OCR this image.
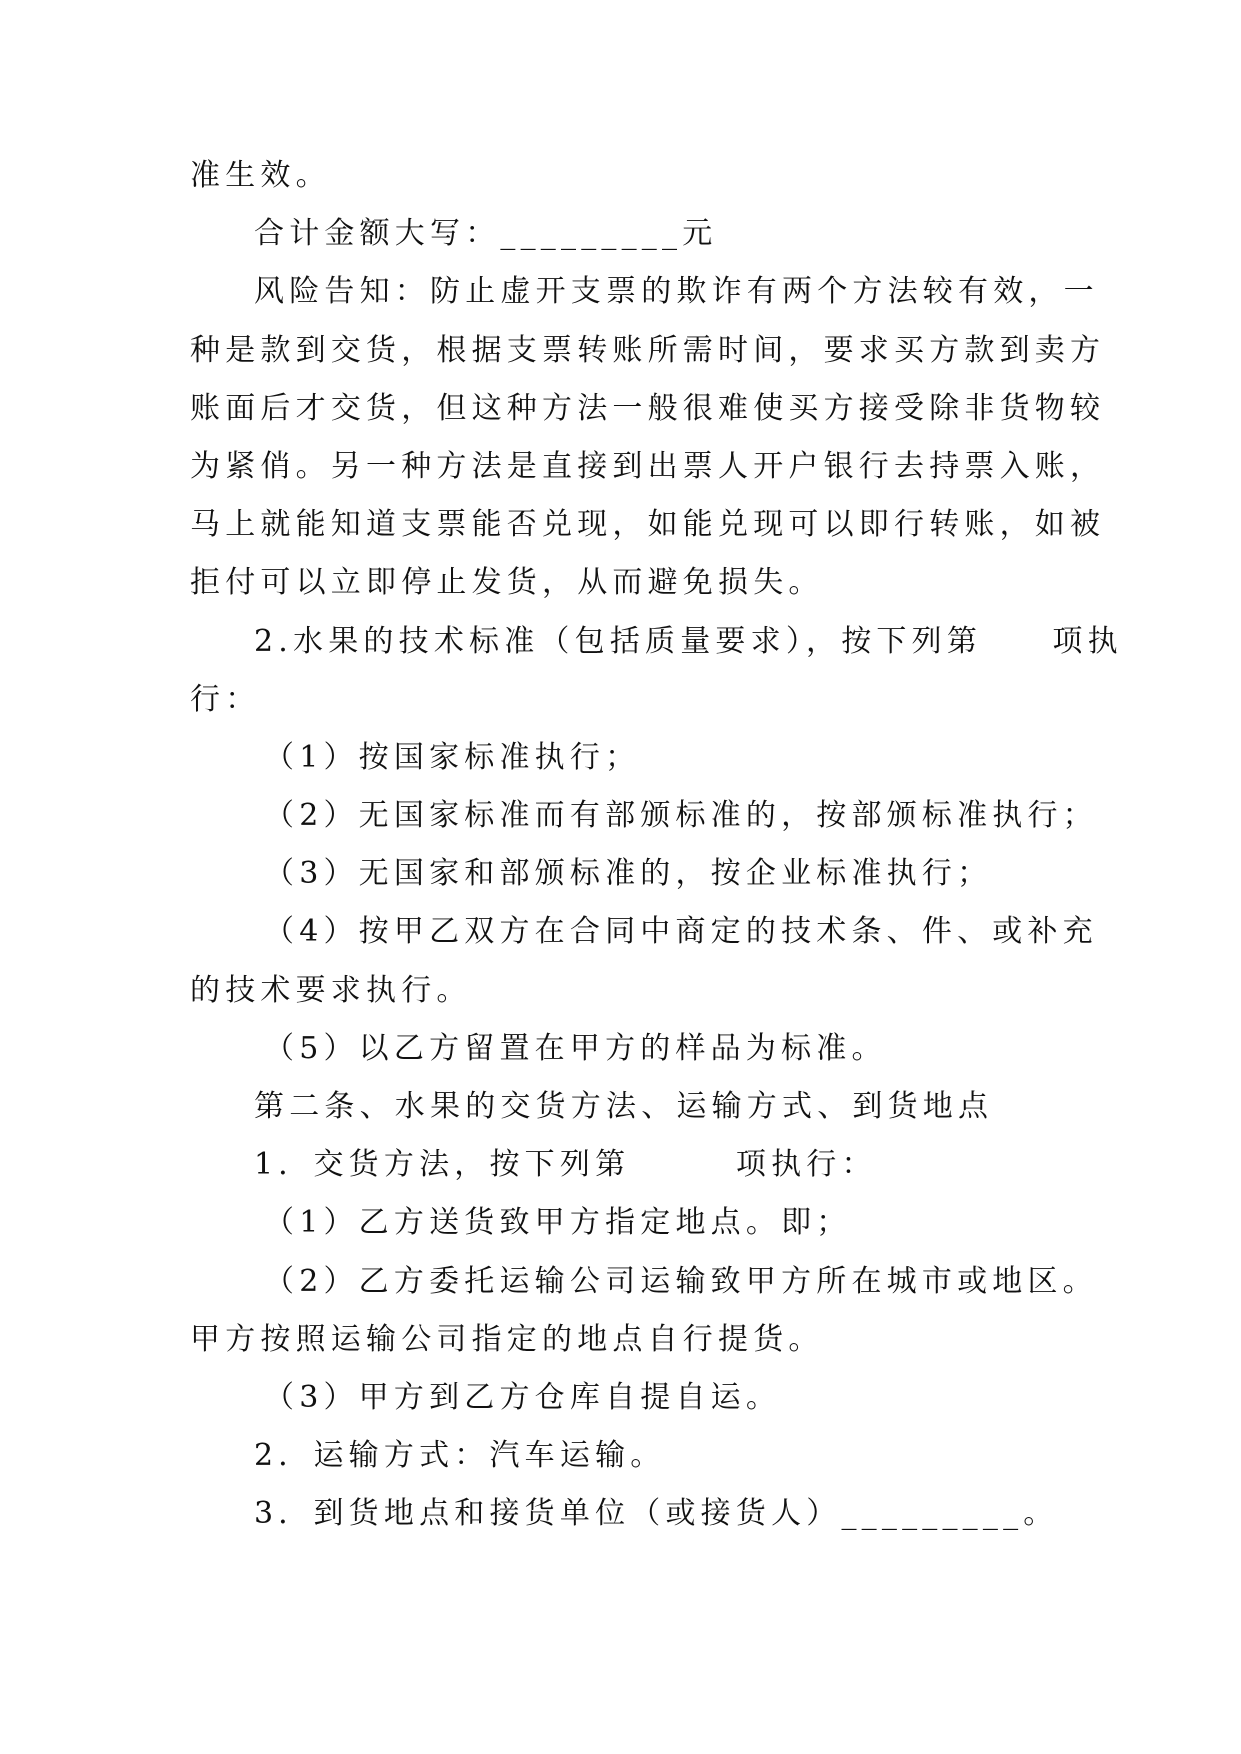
准生效。
合计金额大写：_________元
风险告知：防止虚开支票的欺诈有两个方法较有效，一
种是款到交货，根据支票转账所需时间，要求买方款到卖方
账面后才交货，但这种方法一般很难使买方接受除非货物较
为紧俏。另一种方法是直接到出票人开户银行去持票入账，
马上就能知道支票能否兑现，如能兑现可以即行转账，如被
拒付可以立即停止发货，从而避免损失。
2.水果的技术标准（包括质量要求），按下列第　　项执
行：
（1）按国家标准执行；
（2）无国家标准而有部颁标准的，按部颁标准执行；
（3）无国家和部颁标准的，按企业标准执行；
（4）按甲乙双方在合同中商定的技术条、件、或补充
的技术要求执行。
（5）以乙方留置在甲方的样品为标准。
第二条、水果的交货方法、运输方式、到货地点
1．交货方法，按下列第　　　项执行：
（1）乙方送货致甲方指定地点。即；
（2）乙方委托运输公司运输致甲方所在城市或地区。
甲方按照运输公司指定的地点自行提货。
（3）甲方到乙方仓库自提自运。
2．运输方式：汽车运输。
3．到货地点和接货单位（或接货人）_________。
